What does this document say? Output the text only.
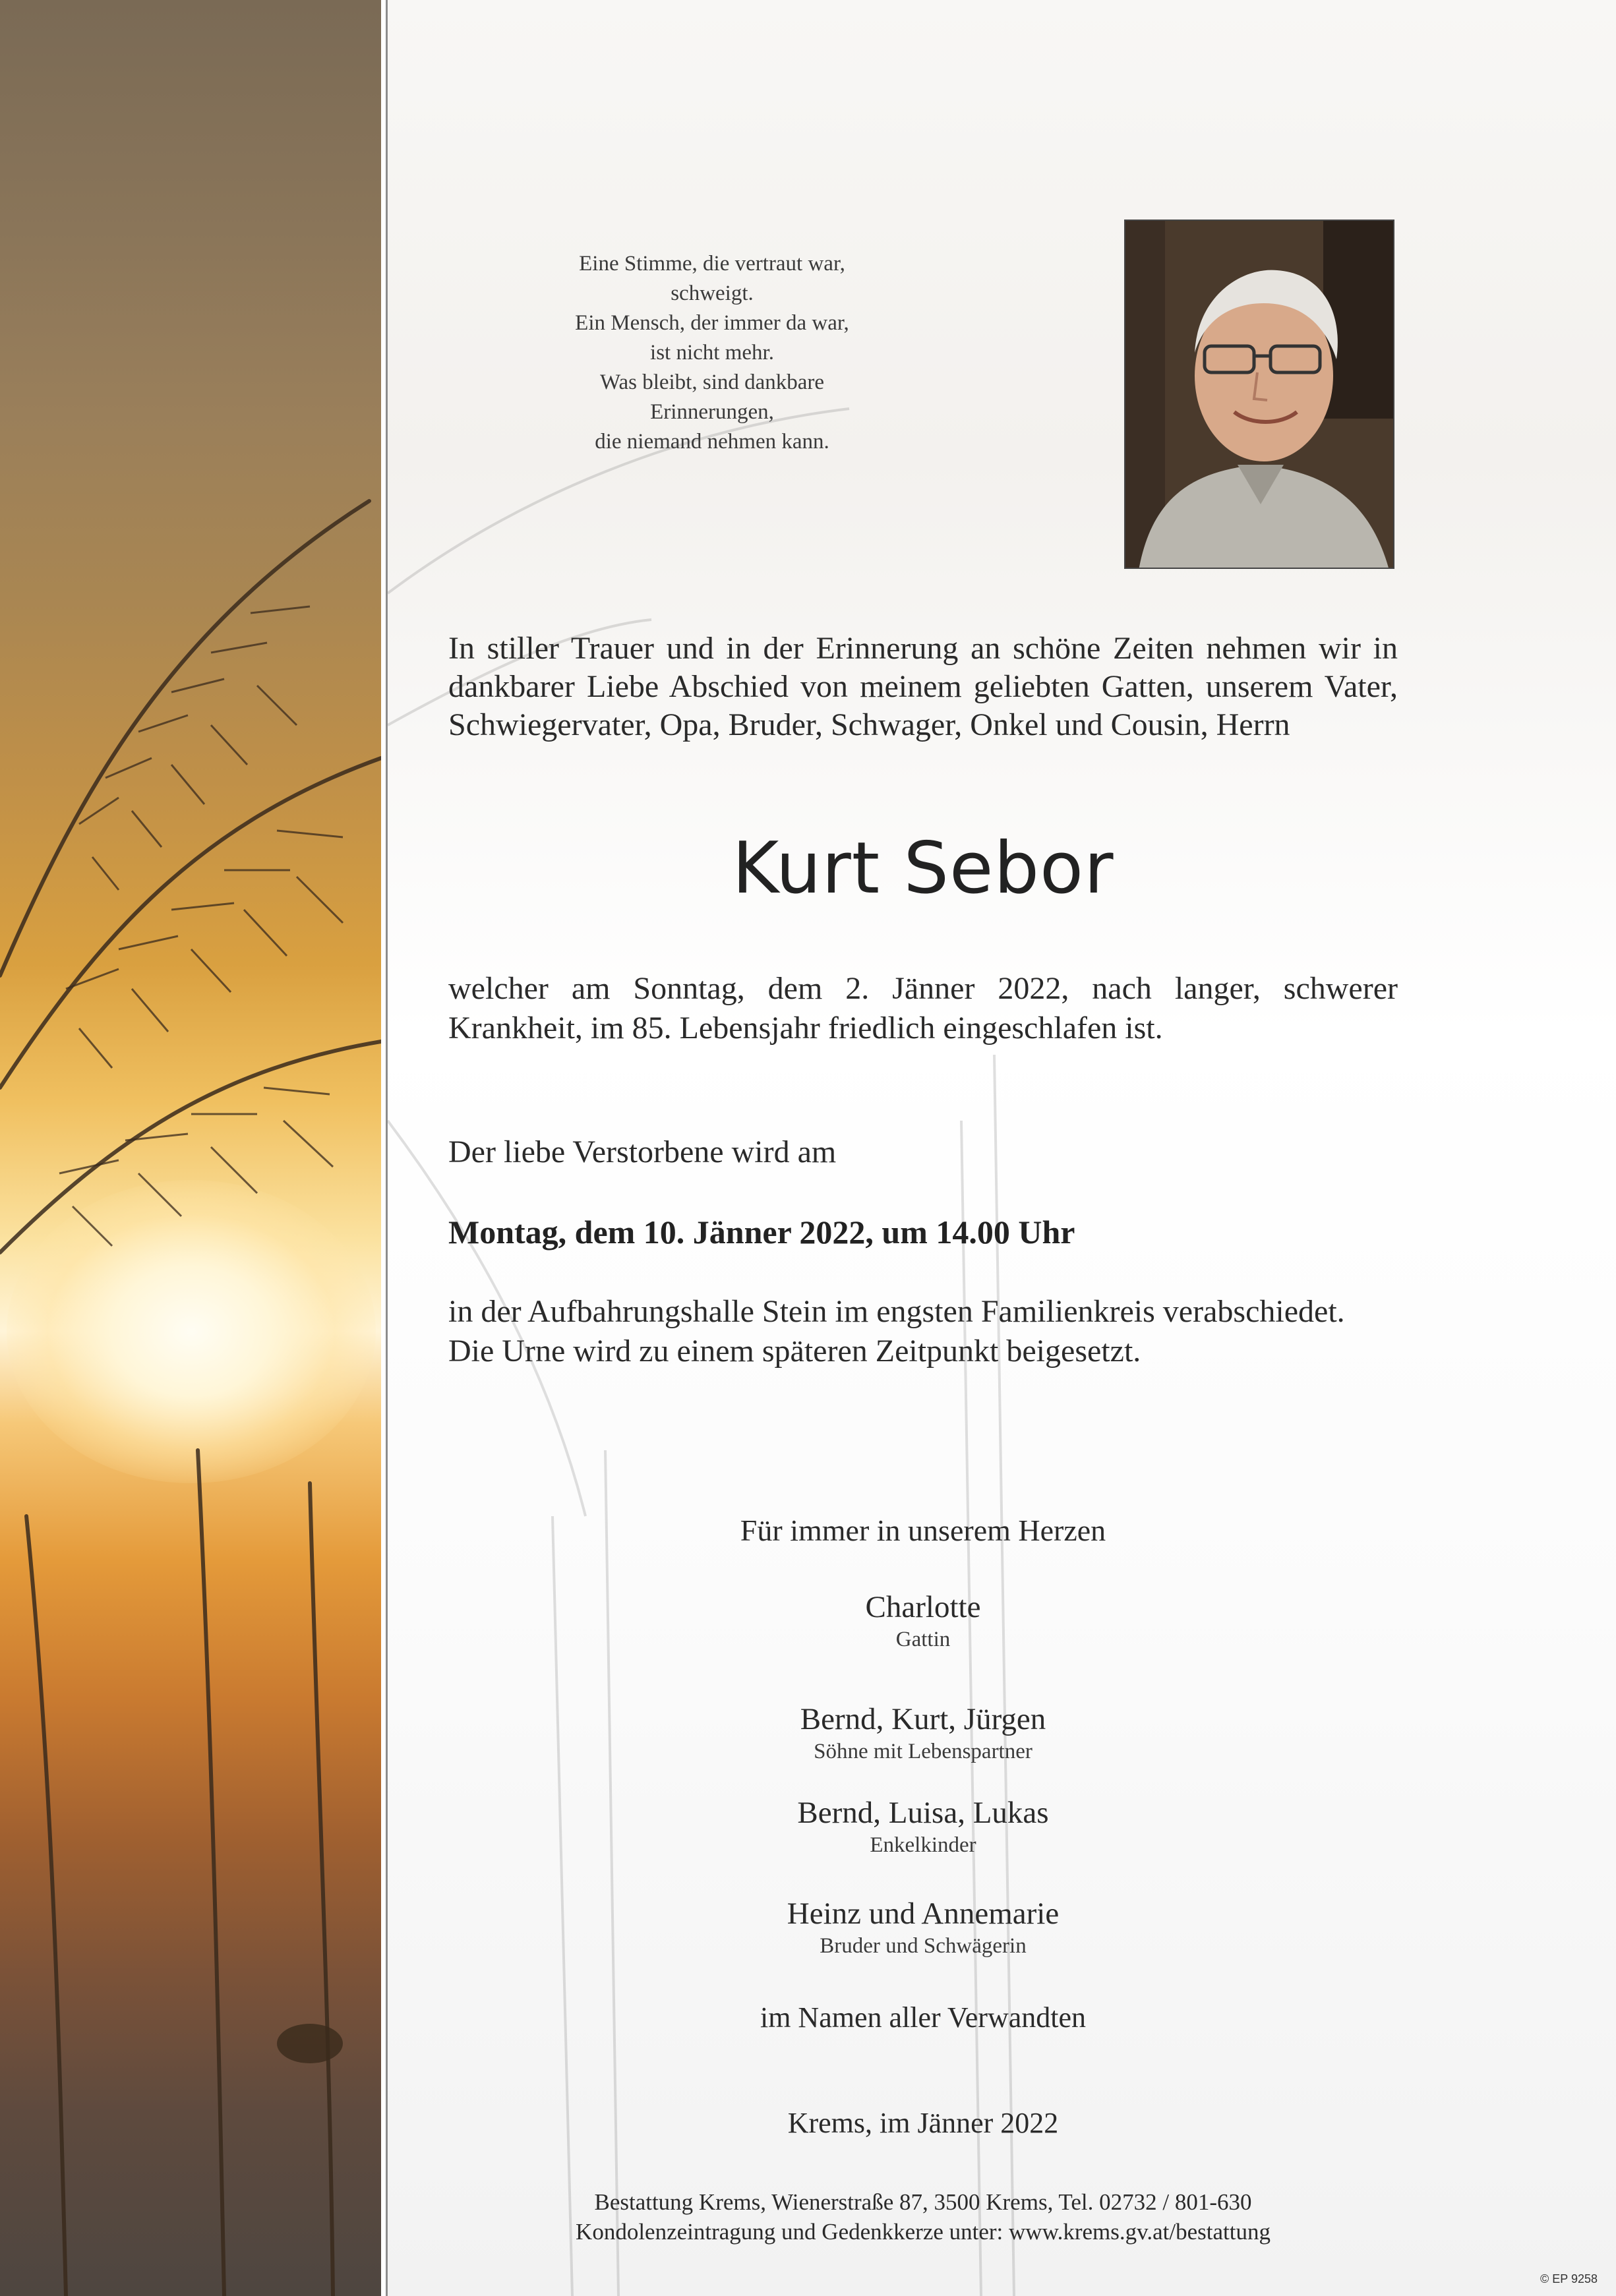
Eine Stimme, die vertraut war,
schweigt.
Ein Mensch, der immer da war,
ist nicht mehr.
Was bleibt, sind dankbare
Erinnerungen,
die niemand nehmen kann.
In stiller Trauer und in der Erinnerung an schöne Zeiten nehmen wir in dankbarer Liebe Abschied von meinem geliebten Gatten, unserem Vater, Schwiegervater, Opa, Bruder, Schwager, Onkel und Cousin, Herrn
Kurt Sebor
welcher am Sonntag, dem 2. Jänner 2022, nach langer, schwerer Krankheit, im 85. Lebensjahr friedlich eingeschlafen ist.
Der liebe Verstorbene wird am
Montag, dem 10. Jänner 2022, um 14.00 Uhr
in der Aufbahrungshalle Stein im engsten Familienkreis verabschiedet. Die Urne wird zu einem späteren Zeitpunkt beigesetzt.
Für immer in unserem Herzen
Charlotte
Gattin
Bernd, Kurt, Jürgen
Söhne mit Lebenspartner
Bernd, Luisa, Lukas
Enkelkinder
Heinz und Annemarie
Bruder und Schwägerin
im Namen aller Verwandten
Krems, im Jänner 2022
Bestattung Krems, Wienerstraße 87, 3500 Krems, Tel. 02732 / 801-630
Kondolenzeintragung und Gedenkkerze unter: www.krems.gv.at/bestattung
© EP 9258
